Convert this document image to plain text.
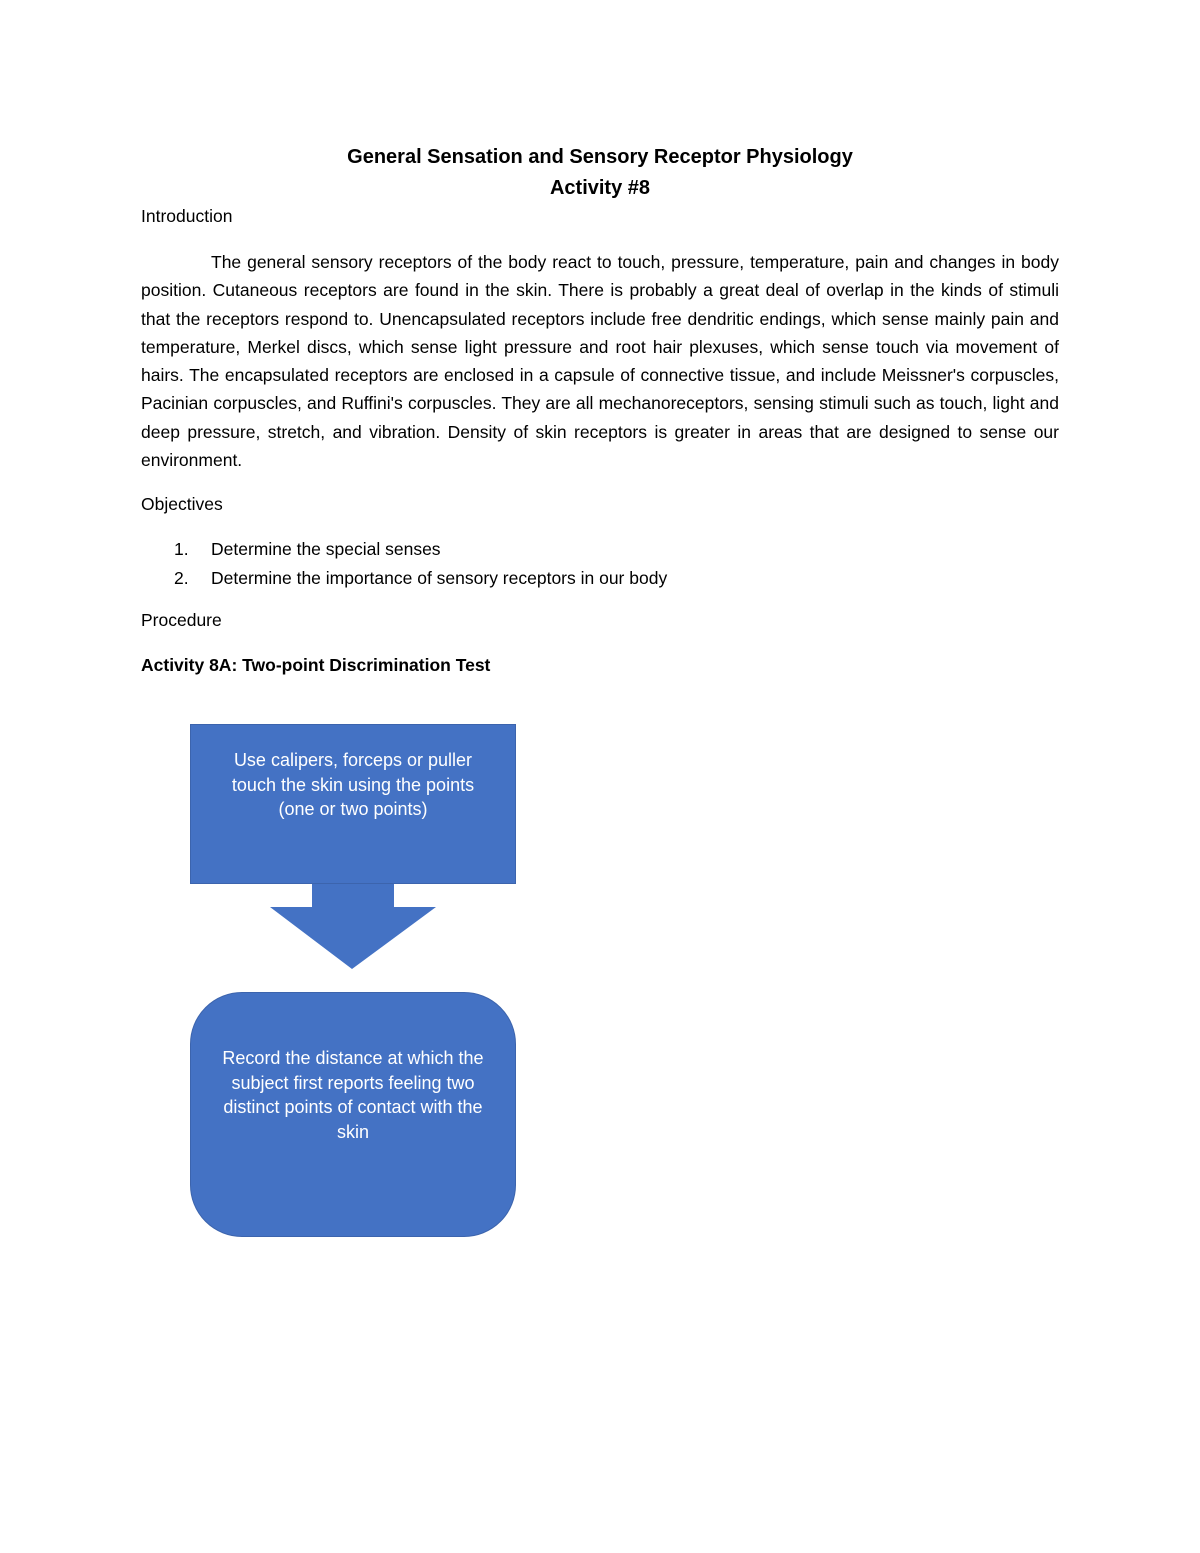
General Sensation and Sensory Receptor Physiology
Activity #8
Introduction

The general sensory receptors of the body react to touch, pressure, temperature, pain and changes in body position. Cutaneous receptors are found in the skin. There is probably a great deal of overlap in the kinds of stimuli that the receptors respond to. Unencapsulated receptors include free dendritic endings, which sense mainly pain and temperature, Merkel discs, which sense light pressure and root hair plexuses, which sense touch via movement of hairs. The encapsulated receptors are enclosed in a capsule of connective tissue, and include Meissner's corpuscles, Pacinian corpuscles, and Ruffini's corpuscles. They are all mechanoreceptors, sensing stimuli such as touch, light and deep pressure, stretch, and vibration. Density of skin receptors is greater in areas that are designed to sense our environment.

Objectives
1.	Determine the special senses
2.	Determine the importance of sensory receptors in our body
Procedure
Activity 8A: Two-point Discrimination Test
Use calipers, forceps or puller touch the skin using the points (one or two points)
Record the distance at which the subject first reports feeling two distinct points of contact with the skin
